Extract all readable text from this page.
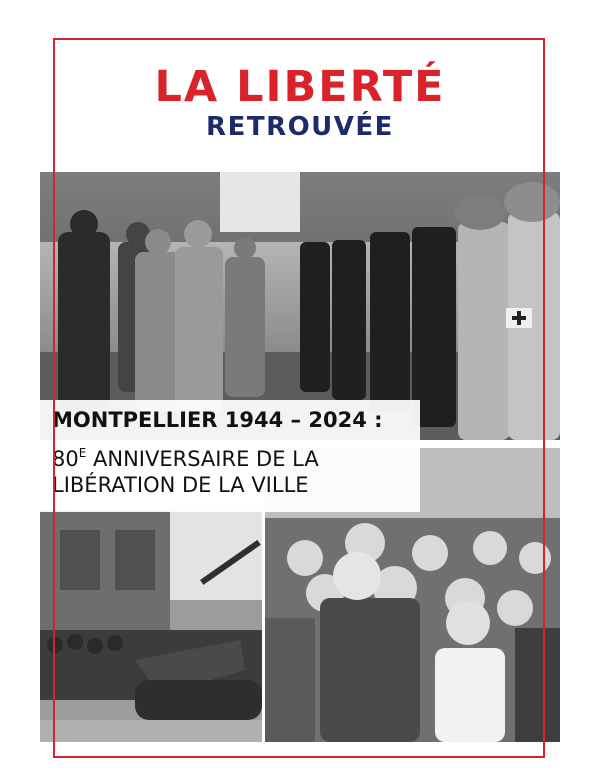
LA LIBERTÉ
RETROUVÉE
MONTPELLIER 1944 – 2024 :
$80^E$ ANNIVERSAIRE DE LA
LIBÉRATION DE LA VILLE
